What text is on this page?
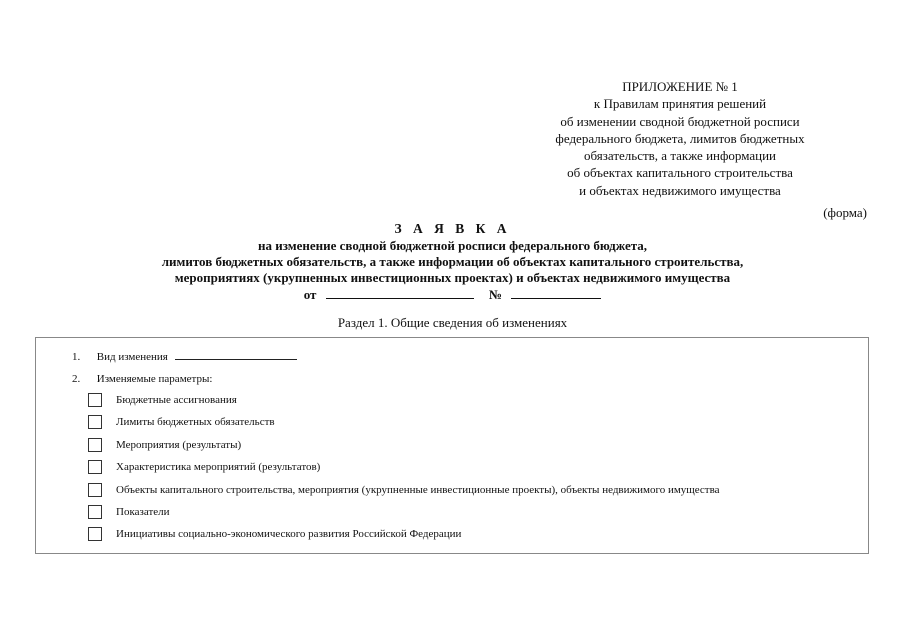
ПРИЛОЖЕНИЕ № 1
к Правилам принятия решений
об изменении сводной бюджетной росписи
федерального бюджета, лимитов бюджетных
обязательств, а также информации
об объектах капитального строительства
и объектах недвижимого имущества
(форма)
З А Я В К А
на изменение сводной бюджетной росписи федерального бюджета,
лимитов бюджетных обязательств, а также информации об объектах капитального строительства,
мероприятиях (укрупненных инвестиционных проектах) и объектах недвижимого имущества
от	№
Раздел 1. Общие сведения об изменениях
1. Вид изменения
2. Изменяемые параметры:
Бюджетные ассигнования
Лимиты бюджетных обязательств
Мероприятия (результаты)
Характеристика мероприятий (результатов)
Объекты капитального строительства, мероприятия (укрупненные инвестиционные проекты), объекты недвижимого имущества
Показатели
Инициативы социально-экономического развития Российской Федерации
